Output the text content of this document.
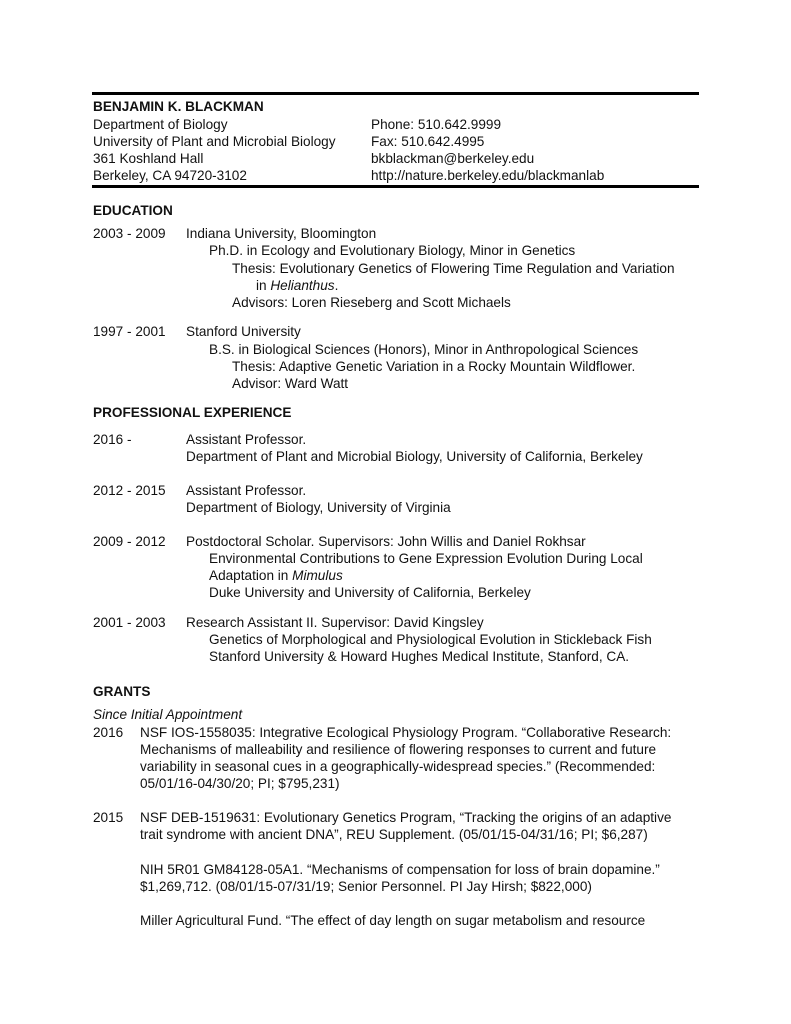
BENJAMIN K. BLACKMAN
Department of Biology
University of Plant and Microbial Biology
361 Koshland Hall
Berkeley, CA 94720-3102
Phone: 510.642.9999
Fax: 510.642.4995
bkblackman@berkeley.edu
http://nature.berkeley.edu/blackmanlab
EDUCATION
2003 - 2009 Indiana University, Bloomington
Ph.D. in Ecology and Evolutionary Biology, Minor in Genetics
Thesis: Evolutionary Genetics of Flowering Time Regulation and Variation
in Helianthus.
Advisors: Loren Rieseberg and Scott Michaels
1997 - 2001 Stanford University
B.S. in Biological Sciences (Honors), Minor in Anthropological Sciences
Thesis: Adaptive Genetic Variation in a Rocky Mountain Wildflower.
Advisor: Ward Watt
PROFESSIONAL EXPERIENCE
2016 -	Assistant Professor.
Department of Plant and Microbial Biology, University of California, Berkeley
2012 - 2015 Assistant Professor.
Department of Biology, University of Virginia
2009 - 2012 Postdoctoral Scholar. Supervisors: John Willis and Daniel Rokhsar
Environmental Contributions to Gene Expression Evolution During Local
Adaptation in Mimulus
Duke University and University of California, Berkeley
2001 - 2003 Research Assistant II. Supervisor: David Kingsley
Genetics of Morphological and Physiological Evolution in Stickleback Fish
Stanford University & Howard Hughes Medical Institute, Stanford, CA.
GRANTS
Since Initial Appointment
2016 NSF IOS-1558035: Integrative Ecological Physiology Program. “Collaborative Research:
Mechanisms of malleability and resilience of flowering responses to current and future
variability in seasonal cues in a geographically-widespread species.” (Recommended:
05/01/16-04/30/20; PI; $795,231)
2015 NSF DEB-1519631: Evolutionary Genetics Program, “Tracking the origins of an adaptive
trait syndrome with ancient DNA”, REU Supplement. (05/01/15-04/31/16; PI; $6,287)
NIH 5R01 GM84128-05A1. “Mechanisms of compensation for loss of brain dopamine.”
$1,269,712. (08/01/15-07/31/19; Senior Personnel. PI Jay Hirsh; $822,000)
Miller Agricultural Fund. “The effect of day length on sugar metabolism and resource
